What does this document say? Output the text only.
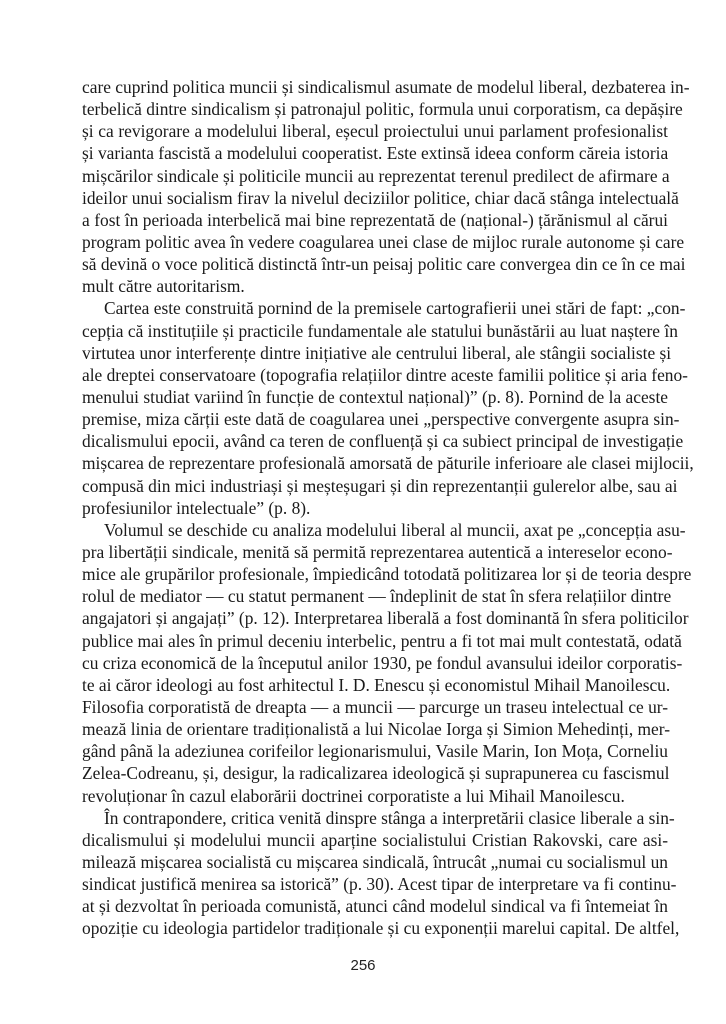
care cuprind politica muncii și sindicalismul asumate de modelul liberal, dezbaterea in-
terbelică dintre sindicalism și patronajul politic, formula unui corporatism, ca depășire
și ca revigorare a modelului liberal, eșecul proiectului unui parlament profesionalist
și varianta fascistă a modelului cooperatist. Este extinsă ideea conform căreia istoria
mișcărilor sindicale și politicile muncii au reprezentat terenul predilect de afirmare a
ideilor unui socialism firav la nivelul deciziilor politice, chiar dacă stânga intelectuală
a fost în perioada interbelică mai bine reprezentată de (național-) țărănismul al cărui
program politic avea în vedere coagularea unei clase de mijloc rurale autonome și care
să devină o voce politică distinctă într-un peisaj politic care convergea din ce în ce mai
mult către autoritarism.
Cartea este construită pornind de la premisele cartografierii unei stări de fapt: „con-
cepția că instituțiile și practicile fundamentale ale statului bunăstării au luat naștere în
virtutea unor interferențe dintre inițiative ale centrului liberal, ale stângii socialiste și
ale dreptei conservatoare (topografia relațiilor dintre aceste familii politice și aria feno-
menului studiat variind în funcție de contextul național)” (p. 8). Pornind de la aceste
premise, miza cărții este dată de coagularea unei „perspective convergente asupra sin-
dicalismului epocii, având ca teren de confluență și ca subiect principal de investigație
mișcarea de reprezentare profesională amorsată de păturile inferioare ale clasei mijlocii,
compusă din mici industriași și meșteșugari și din reprezentanții gulerelor albe, sau ai
profesiunilor intelectuale” (p. 8).
Volumul se deschide cu analiza modelului liberal al muncii, axat pe „concepția asu-
pra libertății sindicale, menită să permită reprezentarea autentică a intereselor econo-
mice ale grupărilor profesionale, împiedicând totodată politizarea lor și de teoria despre
rolul de mediator — cu statut permanent — îndeplinit de stat în sfera relațiilor dintre
angajatori și angajați” (p. 12). Interpretarea liberală a fost dominantă în sfera politicilor
publice mai ales în primul deceniu interbelic, pentru a fi tot mai mult contestată, odată
cu criza economică de la începutul anilor 1930, pe fondul avansului ideilor corporatis-
te ai căror ideologi au fost arhitectul I. D. Enescu și economistul Mihail Manoilescu.
Filosofia corporatistă de dreapta — a muncii — parcurge un traseu intelectual ce ur-
mează linia de orientare tradiționalistă a lui Nicolae Iorga și Simion Mehedinți, mer-
gând până la adeziunea corifeilor legionarismului, Vasile Marin, Ion Moța, Corneliu
Zelea-Codreanu, și, desigur, la radicalizarea ideologică și suprapunerea cu fascismul
revoluționar în cazul elaborării doctrinei corporatiste a lui Mihail Manoilescu.
În contrapondere, critica venită dinspre stânga a interpretării clasice liberale a sin-
dicalismului și modelului muncii aparține socialistului Cristian Rakovski, care asi-
milează mișcarea socialistă cu mișcarea sindicală, întrucât „numai cu socialismul un
sindicat justifică menirea sa istorică” (p. 30). Acest tipar de interpretare va fi continu-
at și dezvoltat în perioada comunistă, atunci când modelul sindical va fi întemeiat în
opoziție cu ideologia partidelor tradiționale și cu exponenții marelui capital. De altfel,
256
